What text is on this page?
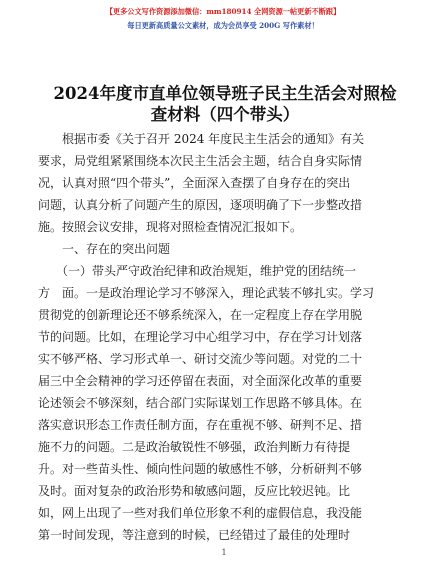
【更多公文写作资源添加微信：mm180914 全网资源一帖更新不断跟】
每日更新高质量公文素材，成为会员享受 200G 写作素材！
2024年度市直单位领导班子民主生活会对照检
查材料（四个带头）
　　根据市委《关于召开 2024 年度民主生活会的通知》有关
要求，局党组紧紧围绕本次民主生活会主题，结合自身实际情
况，认真对照“四个带头”，全面深入查摆了自身存在的突出
问题，认真分析了问题产生的原因，逐项明确了下一步整改措
施。按照会议安排，现将对照检查情况汇报如下。
　　一、存在的突出问题
　　（一）带头严守政治纪律和政治规矩，维护党的团结统一
方　面。一是政治理论学习不够深入，理论武装不够扎实。学习
贯彻党的创新理论还不够系统深入，在一定程度上存在学用脱
节的问题。比如，在理论学习中心组学习中，存在学习计划落
实不够严格、学习形式单一、研讨交流少等问题。对党的二十
届三中全会精神的学习还停留在表面，对全面深化改革的重要
论述领会不够深刻，结合部门实际谋划工作思路不够具体。在
落实意识形态工作责任制方面，存在重视不够、研判不足、措
施不力的问题。二是政治敏锐性不够强，政治判断力有待提
升。对一些苗头性、倾向性问题的敏感性不够，分析研判不够
及时。面对复杂的政治形势和敏感问题，反应比较迟钝。比
如，网上出现了一些对我们单位形象不利的虚假信息，我没能
第一时间发现，等注意到的时候，已经错过了最佳的处理时
1
